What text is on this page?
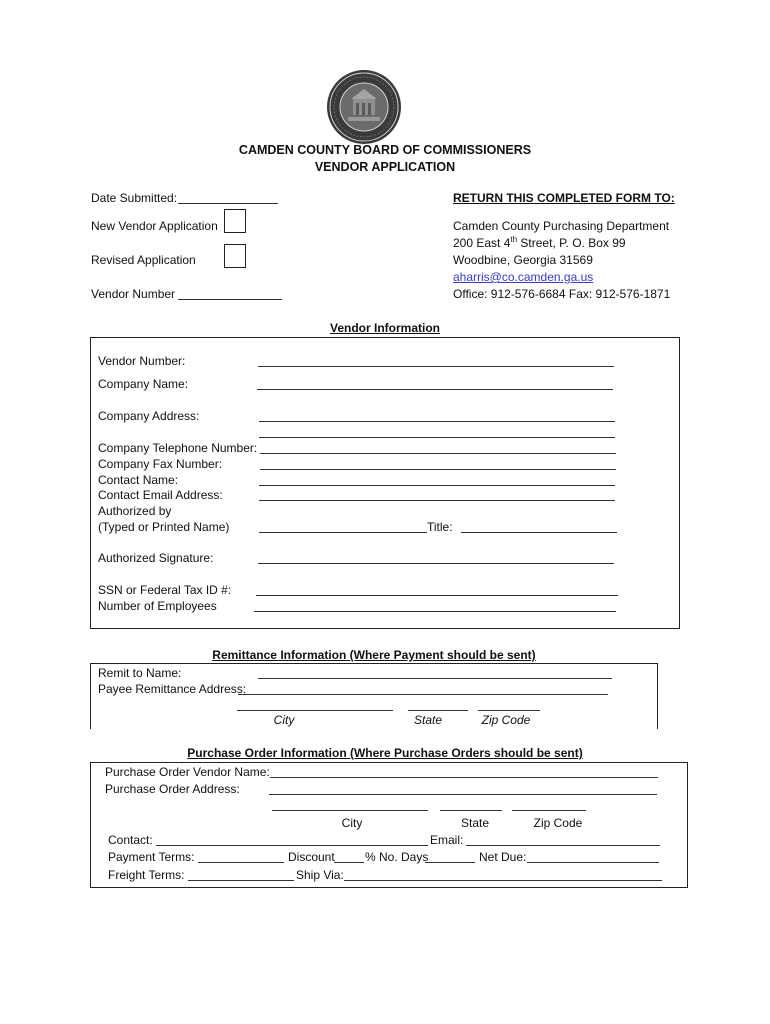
CAMDEN COUNTY BOARD OF COMMISSIONERS
VENDOR APPLICATION
Date Submitted:
New Vendor Application
Revised Application
Vendor Number
RETURN THIS COMPLETED FORM TO:
Camden County Purchasing Department
200 East 4th Street, P. O. Box 99
Woodbine, Georgia 31569
aharris@co.camden.ga.us
Office: 912-576-6684 Fax: 912-576-1871
Vendor Information
Vendor Number:
Company Name:
Company Address:
Company Telephone Number:
Company Fax Number:
Contact Name:
Contact Email Address:
Authorized by
(Typed or Printed Name)	Title:
Authorized Signature:
SSN or Federal Tax ID #:
Number of Employees
Remittance Information (Where Payment should be sent)
Remit to Name:
Payee Remittance Address:
City	State	Zip Code
Purchase Order Information (Where Purchase Orders should be sent)
Purchase Order Vendor Name:
Purchase Order Address:
City	State	Zip Code
Contact:	Email:
Payment Terms:	Discount	% No. Days	Net Due:
Freight Terms:	Ship Via:
